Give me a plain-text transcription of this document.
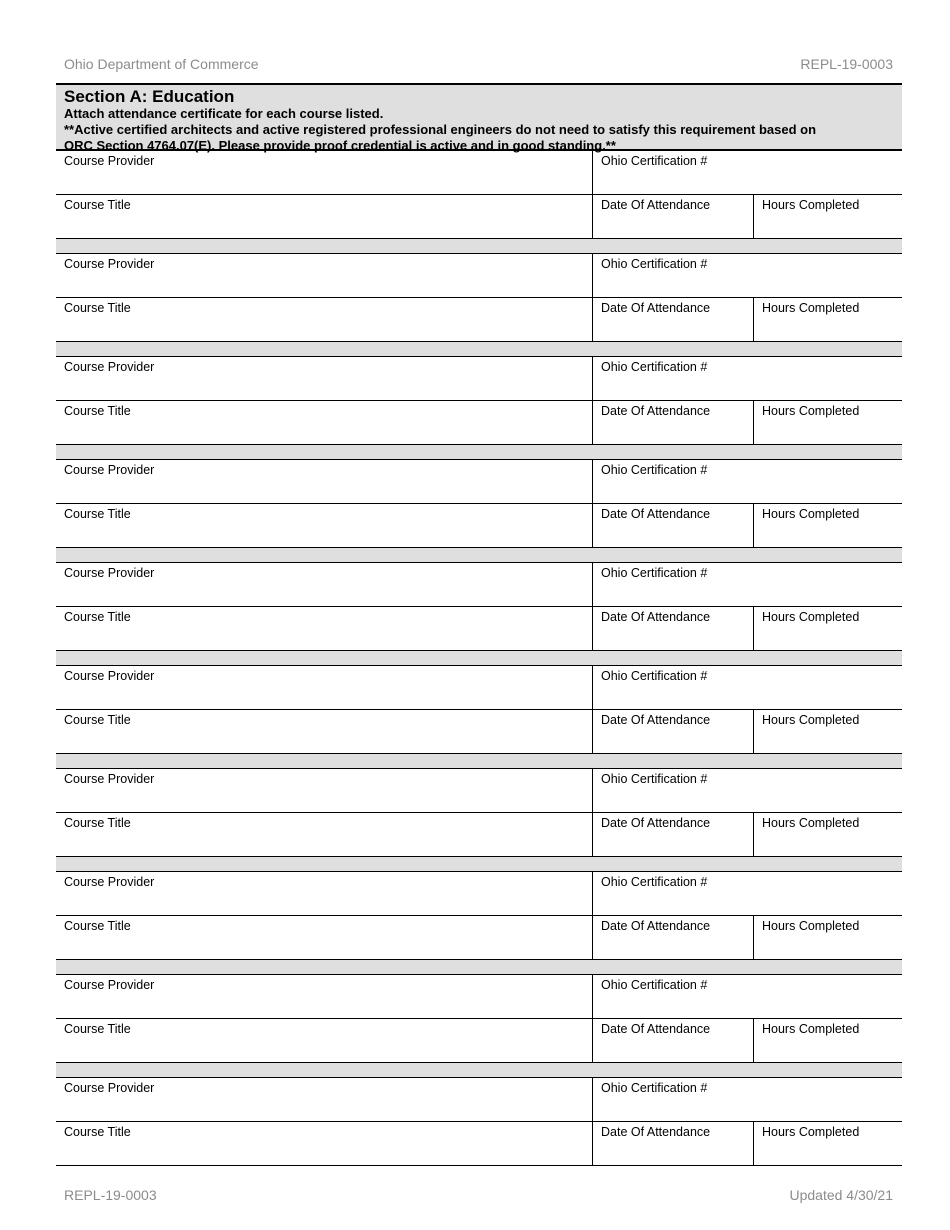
Ohio Department of Commerce	REPL-19-0003
Section A: Education
Attach attendance certificate for each course listed.
**Active certified architects and active registered professional engineers do not need to satisfy this requirement based on
ORC Section 4764.07(E). Please provide proof credential is active and in good standing.**
Course Provider	Ohio Certification #
Course Title	Date Of Attendance	Hours Completed
Course Provider	Ohio Certification #
Course Title	Date Of Attendance	Hours Completed
Course Provider	Ohio Certification #
Course Title	Date Of Attendance	Hours Completed
Course Provider	Ohio Certification #
Course Title	Date Of Attendance	Hours Completed
Course Provider	Ohio Certification #
Course Title	Date Of Attendance	Hours Completed
Course Provider	Ohio Certification #
Course Title	Date Of Attendance	Hours Completed
Course Provider	Ohio Certification #
Course Title	Date Of Attendance	Hours Completed
Course Provider	Ohio Certification #
Course Title	Date Of Attendance	Hours Completed
Course Provider	Ohio Certification #
Course Title	Date Of Attendance	Hours Completed
Course Provider	Ohio Certification #
Course Title	Date Of Attendance	Hours Completed
REPL-19-0003	Updated 4/30/21
